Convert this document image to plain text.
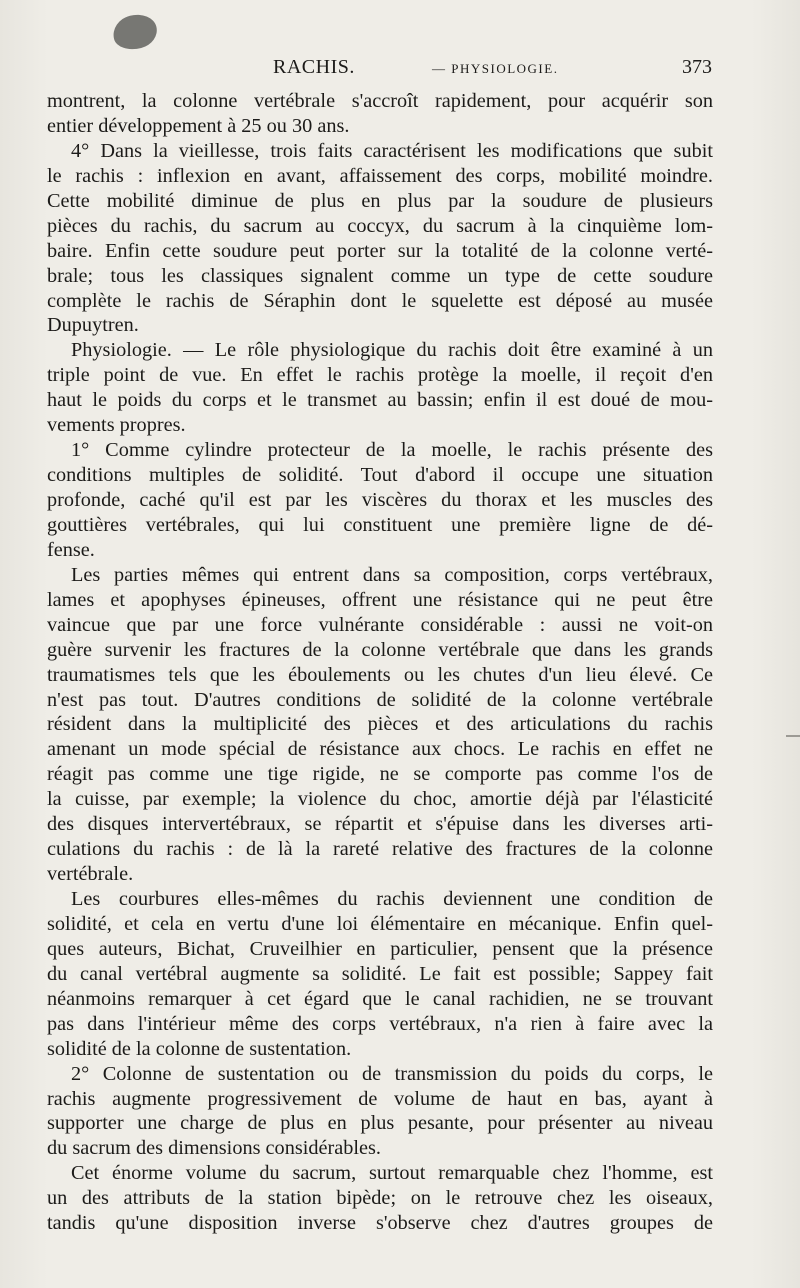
RACHIS.	— PHYSIOLOGIE.	373
montrent, la colonne vertébrale s'accroît rapidement, pour acquérir son
entier développement à 25 ou 30 ans.
4° Dans la vieillesse, trois faits caractérisent les modifications que subit
le rachis : inflexion en avant, affaissement des corps, mobilité moindre.
Cette mobilité diminue de plus en plus par la soudure de plusieurs
pièces du rachis, du sacrum au coccyx, du sacrum à la cinquième lom-
baire. Enfin cette soudure peut porter sur la totalité de la colonne verté-
brale; tous les classiques signalent comme un type de cette soudure
complète le rachis de Séraphin dont le squelette est déposé au musée
Dupuytren.
Physiologie. — Le rôle physiologique du rachis doit être examiné à un
triple point de vue. En effet le rachis protège la moelle, il reçoit d'en
haut le poids du corps et le transmet au bassin; enfin il est doué de mou-
vements propres.
1° Comme cylindre protecteur de la moelle, le rachis présente des
conditions multiples de solidité. Tout d'abord il occupe une situation
profonde, caché qu'il est par les viscères du thorax et les muscles des
gouttières vertébrales, qui lui constituent une première ligne de dé-
fense.
Les parties mêmes qui entrent dans sa composition, corps vertébraux,
lames et apophyses épineuses, offrent une résistance qui ne peut être
vaincue que par une force vulnérante considérable : aussi ne voit-on
guère survenir les fractures de la colonne vertébrale que dans les grands
traumatismes tels que les éboulements ou les chutes d'un lieu élevé. Ce
n'est pas tout. D'autres conditions de solidité de la colonne vertébrale
résident dans la multiplicité des pièces et des articulations du rachis
amenant un mode spécial de résistance aux chocs. Le rachis en effet ne
réagit pas comme une tige rigide, ne se comporte pas comme l'os de
la cuisse, par exemple; la violence du choc, amortie déjà par l'élasticité
des disques intervertébraux, se répartit et s'épuise dans les diverses arti-
culations du rachis : de là la rareté relative des fractures de la colonne
vertébrale.
Les courbures elles-mêmes du rachis deviennent une condition de
solidité, et cela en vertu d'une loi élémentaire en mécanique. Enfin quel-
ques auteurs, Bichat, Cruveilhier en particulier, pensent que la présence
du canal vertébral augmente sa solidité. Le fait est possible; Sappey fait
néanmoins remarquer à cet égard que le canal rachidien, ne se trouvant
pas dans l'intérieur même des corps vertébraux, n'a rien à faire avec la
solidité de la colonne de sustentation.
2° Colonne de sustentation ou de transmission du poids du corps, le
rachis augmente progressivement de volume de haut en bas, ayant à
supporter une charge de plus en plus pesante, pour présenter au niveau
du sacrum des dimensions considérables.
Cet énorme volume du sacrum, surtout remarquable chez l'homme, est
un des attributs de la station bipède; on le retrouve chez les oiseaux,
tandis qu'une disposition inverse s'observe chez d'autres groupes de
